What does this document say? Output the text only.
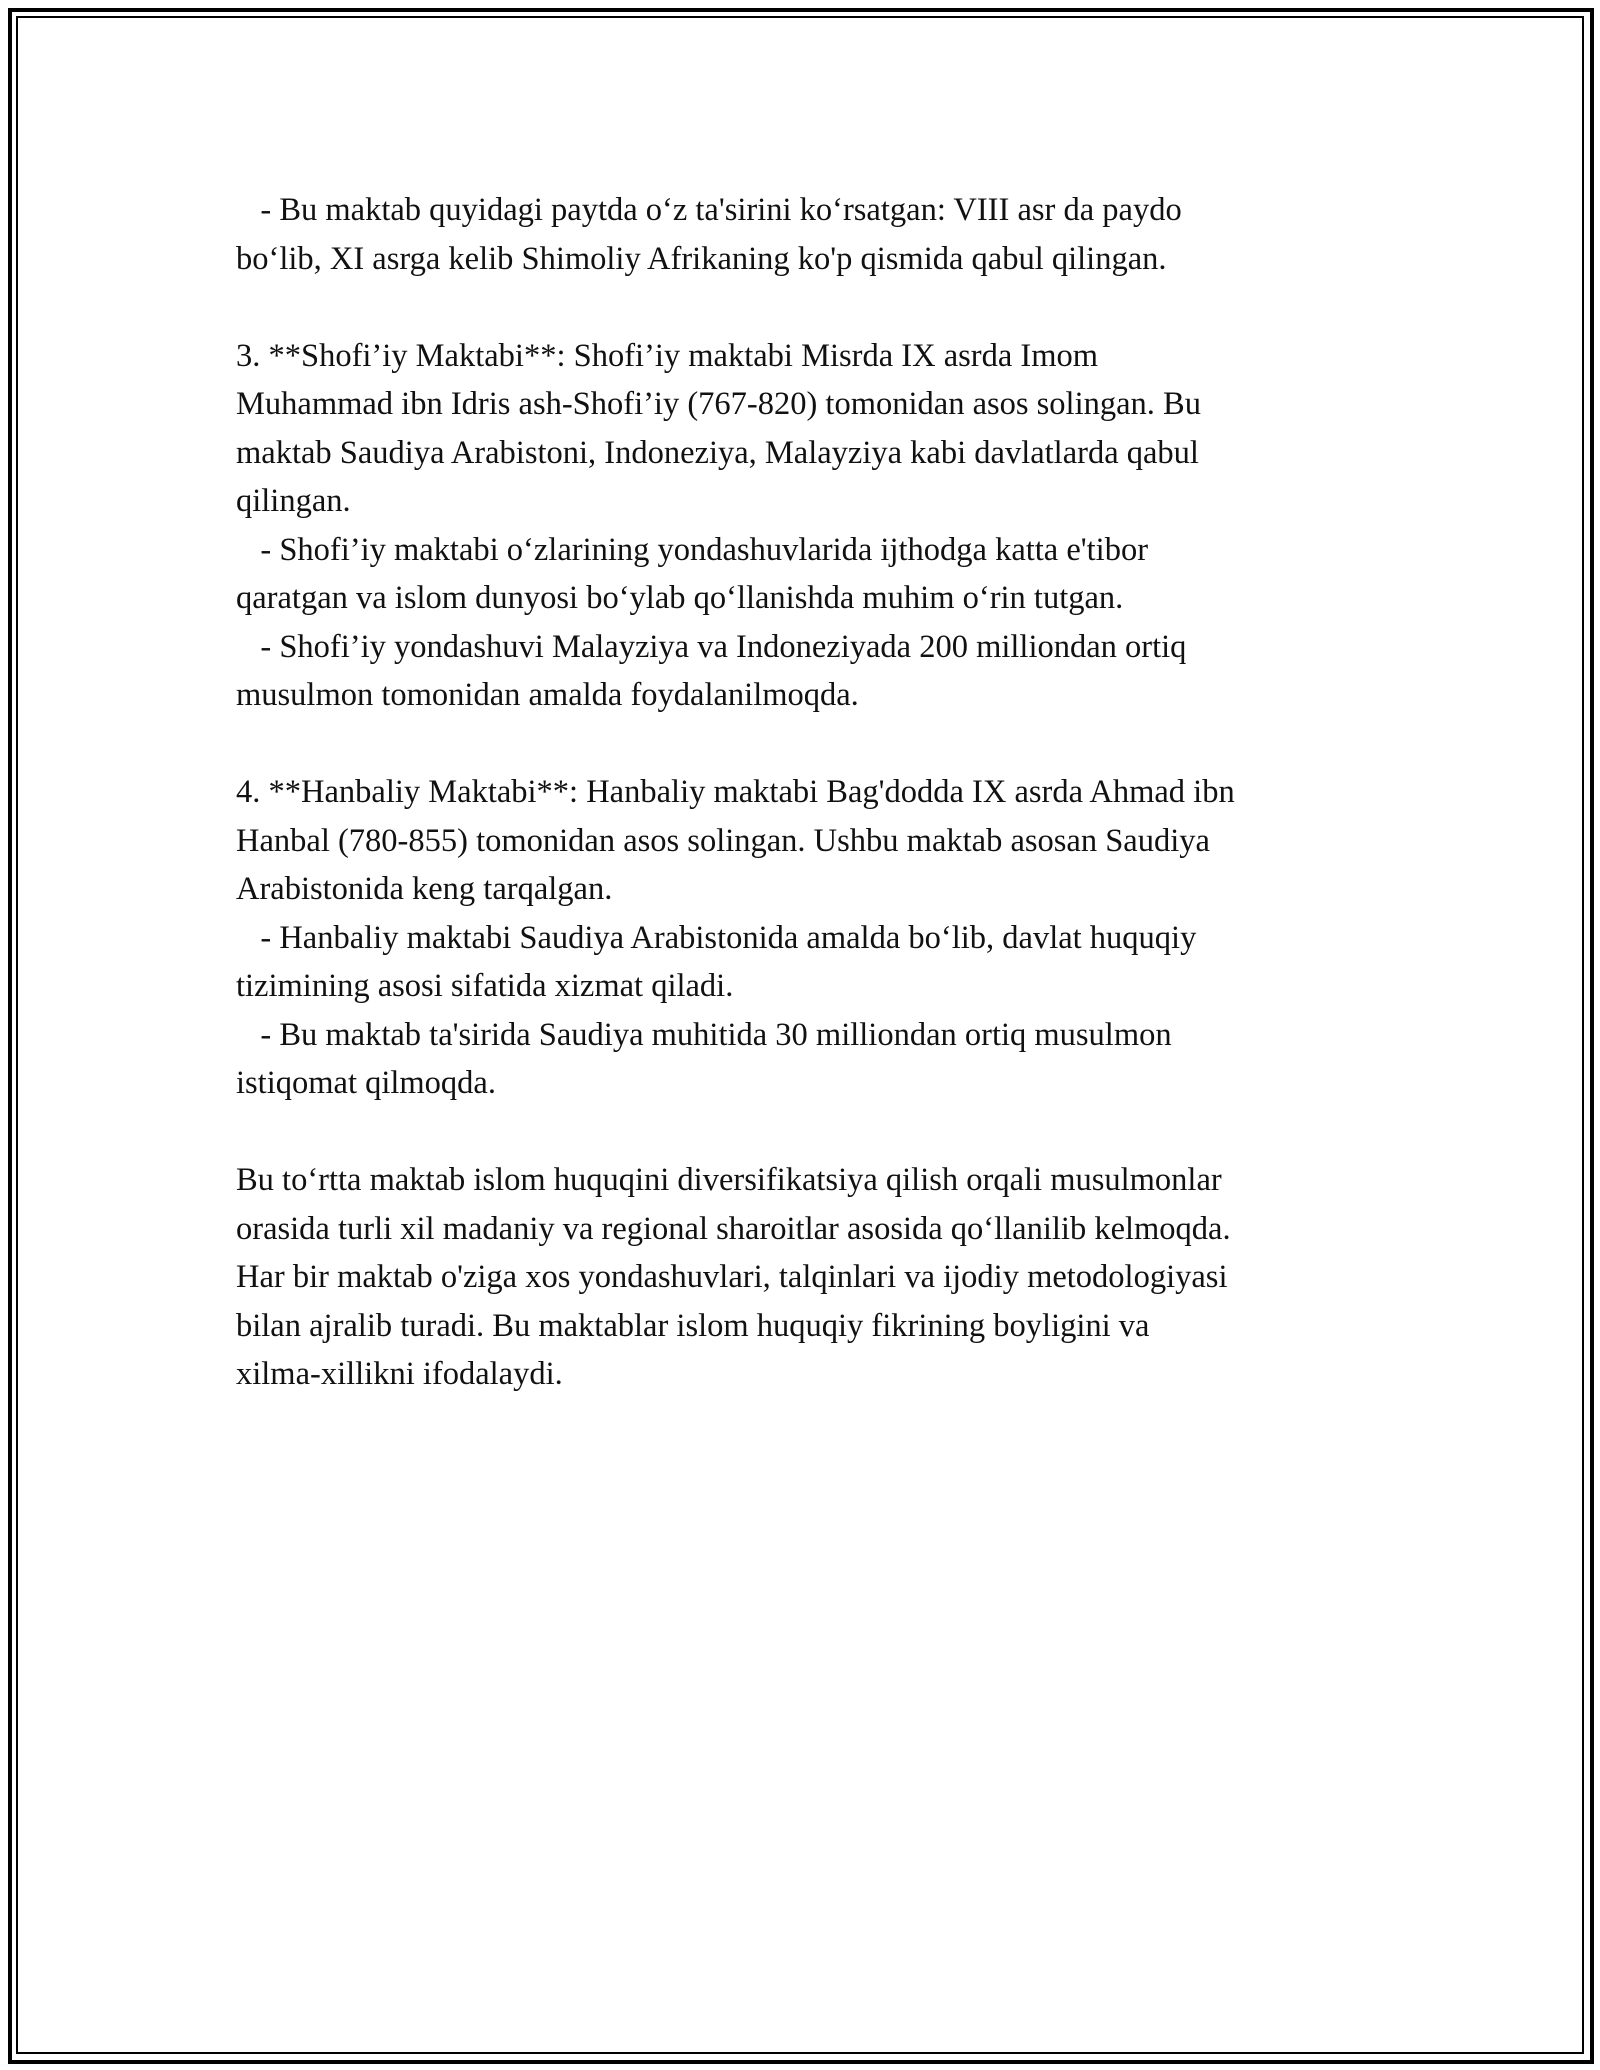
- Bu maktab quyidagi paytda o‘z ta'sirini ko‘rsatgan: VIII asr da paydo
bo‘lib, XI asrga kelib Shimoliy Afrikaning ko'p qismida qabul qilingan.
3. **Shofi’iy Maktabi**: Shofi’iy maktabi Misrda IX asrda Imom
Muhammad ibn Idris ash-Shofi’iy (767-820) tomonidan asos solingan. Bu
maktab Saudiya Arabistoni, Indoneziya, Malayziya kabi davlatlarda qabul
qilingan.
- Shofi’iy maktabi o‘zlarining yondashuvlarida ijthodga katta e'tibor
qaratgan va islom dunyosi bo‘ylab qo‘llanishda muhim o‘rin tutgan.
- Shofi’iy yondashuvi Malayziya va Indoneziyada 200 milliondan ortiq
musulmon tomonidan amalda foydalanilmoqda.
4. **Hanbaliy Maktabi**: Hanbaliy maktabi Bag'dodda IX asrda Ahmad ibn
Hanbal (780-855) tomonidan asos solingan. Ushbu maktab asosan Saudiya
Arabistonida keng tarqalgan.
- Hanbaliy maktabi Saudiya Arabistonida amalda bo‘lib, davlat huquqiy
tizimining asosi sifatida xizmat qiladi.
- Bu maktab ta'sirida Saudiya muhitida 30 milliondan ortiq musulmon
istiqomat qilmoqda.
Bu to‘rtta maktab islom huquqini diversifikatsiya qilish orqali musulmonlar
orasida turli xil madaniy va regional sharoitlar asosida qo‘llanilib kelmoqda.
Har bir maktab o'ziga xos yondashuvlari, talqinlari va ijodiy metodologiyasi
bilan ajralib turadi. Bu maktablar islom huquqiy fikrining boyligini va
xilma-xillikni ifodalaydi.
